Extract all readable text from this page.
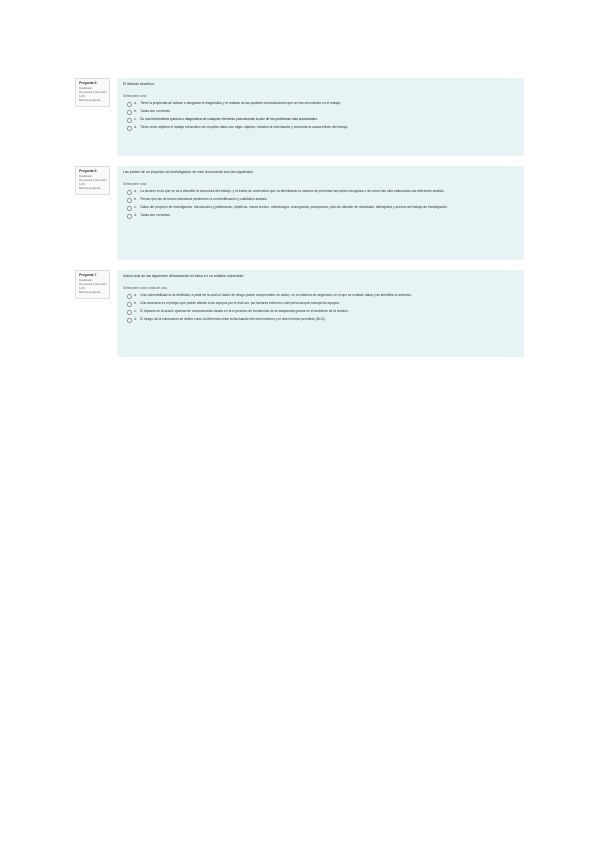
Pregunta 5
Finalizado
Se puntúa 1,00 sobre 1,00
Marcar pregunta
El Método Analítico:
Seleccione una:
a. Tiene la propiedad de aclarar o desglosar el diagnóstico y el análisis de las posibles contradicciones que se han encontrado en el trabajo.
b. Todas son correctas.
c.	Es una herramienta química o diagnóstica de cualquier elemento para abordar la raíz de los problemas más sustanciales.
d. Tiene como objetivo el trabajo exhaustivo de recopilar datos con algún objetivo, estudiar la información y encontrar la causa-efecto del trabajo.
Pregunta 6
Finalizado
Se puntúa 1,00 sobre 1,00
Marcar pregunta
Las partes de un proyecto de investigación de este documento son las siguientes:
Seleccione una:
a. La sección en la que se va a describir la estructura del trabajo, y el índice de contenidos que va delimitando la manera de presentar las partes escogidas o de cómo han sido elaborados sus diferentes análisis.
b. Pienso que las de forma estructural pertenecen a su identificación y cualitativo análisis.
c.	Datos del proyecto de investigación, introducción y justificación, objetivos, marco teórico, metodología, cronograma, presupuesto, plan de difusión de resultados, bibliografía y anexos del trabajo de investigación.
d. Todas son correctas.
Pregunta 7
Finalizado
Se puntúa 1,00 sobre 1,00
Marcar pregunta
Indica cuál de las siguientes afirmaciones es falsa en un análisis vulnerable:
Seleccione una o más de una:
a. Una vulnerabilidad es la debilidad, a partir de la cual un factor de riesgo puede comprometer un activo, en un sistema de seguridad, en el que se evalúan datos y se identifica el deterioro.
b. Una amenaza es el peligro que puede afectar a los equipos por el mal uso, por factores externos o del personal que maneja los equipos.
c.	El impacto es la acción química de contaminación dando en la el proceso de incidencias de la maquinaria graves en el ambiente de la reunión.
d. El riesgo de la vulneración se define como la diferencia entre la fluctuación del nivel máximo y el nivel mínimo permitido (NUV).
